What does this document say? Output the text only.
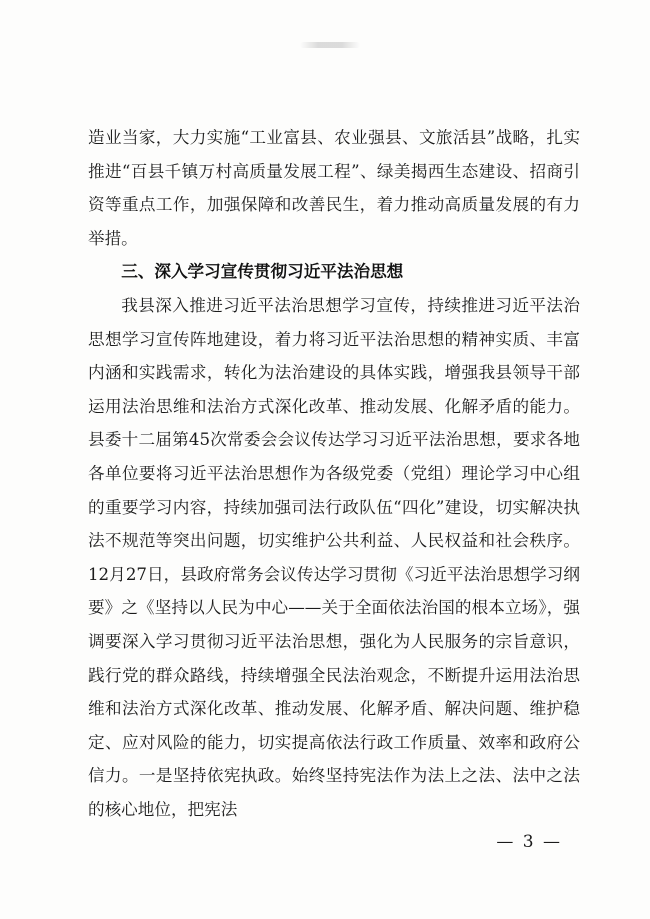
造业当家，大力实施“工业富县、农业强县、文旅活县”战略，扎实推进“百县千镇万村高质量发展工程”、绿美揭西生态建设、招商引资等重点工作，加强保障和改善民生，着力推动高质量发展的有力举措。

三、深入学习宣传贯彻习近平法治思想

我县深入推进习近平法治思想学习宣传，持续推进习近平法治思想学习宣传阵地建设，着力将习近平法治思想的精神实质、丰富内涵和实践需求，转化为法治建设的具体实践，增强我县领导干部运用法治思维和法治方式深化改革、推动发展、化解矛盾的能力。县委十二届第45次常委会会议传达学习习近平法治思想，要求各地各单位要将习近平法治思想作为各级党委（党组）理论学习中心组的重要学习内容，持续加强司法行政队伍“四化”建设，切实解决执法不规范等突出问题，切实维护公共利益、人民权益和社会秩序。12月27日，县政府常务会议传达学习贯彻《习近平法治思想学习纲要》之《坚持以人民为中心——关于全面依法治国的根本立场》，强调要深入学习贯彻习近平法治思想，强化为人民服务的宗旨意识，践行党的群众路线，持续增强全民法治观念，不断提升运用法治思维和法治方式深化改革、推动发展、化解矛盾、解决问题、维护稳定、应对风险的能力，切实提高依法行政工作质量、效率和政府公信力。一是坚持依宪执政。始终坚持宪法作为法上之法、法中之法的核心地位，把宪法

— 3 —
